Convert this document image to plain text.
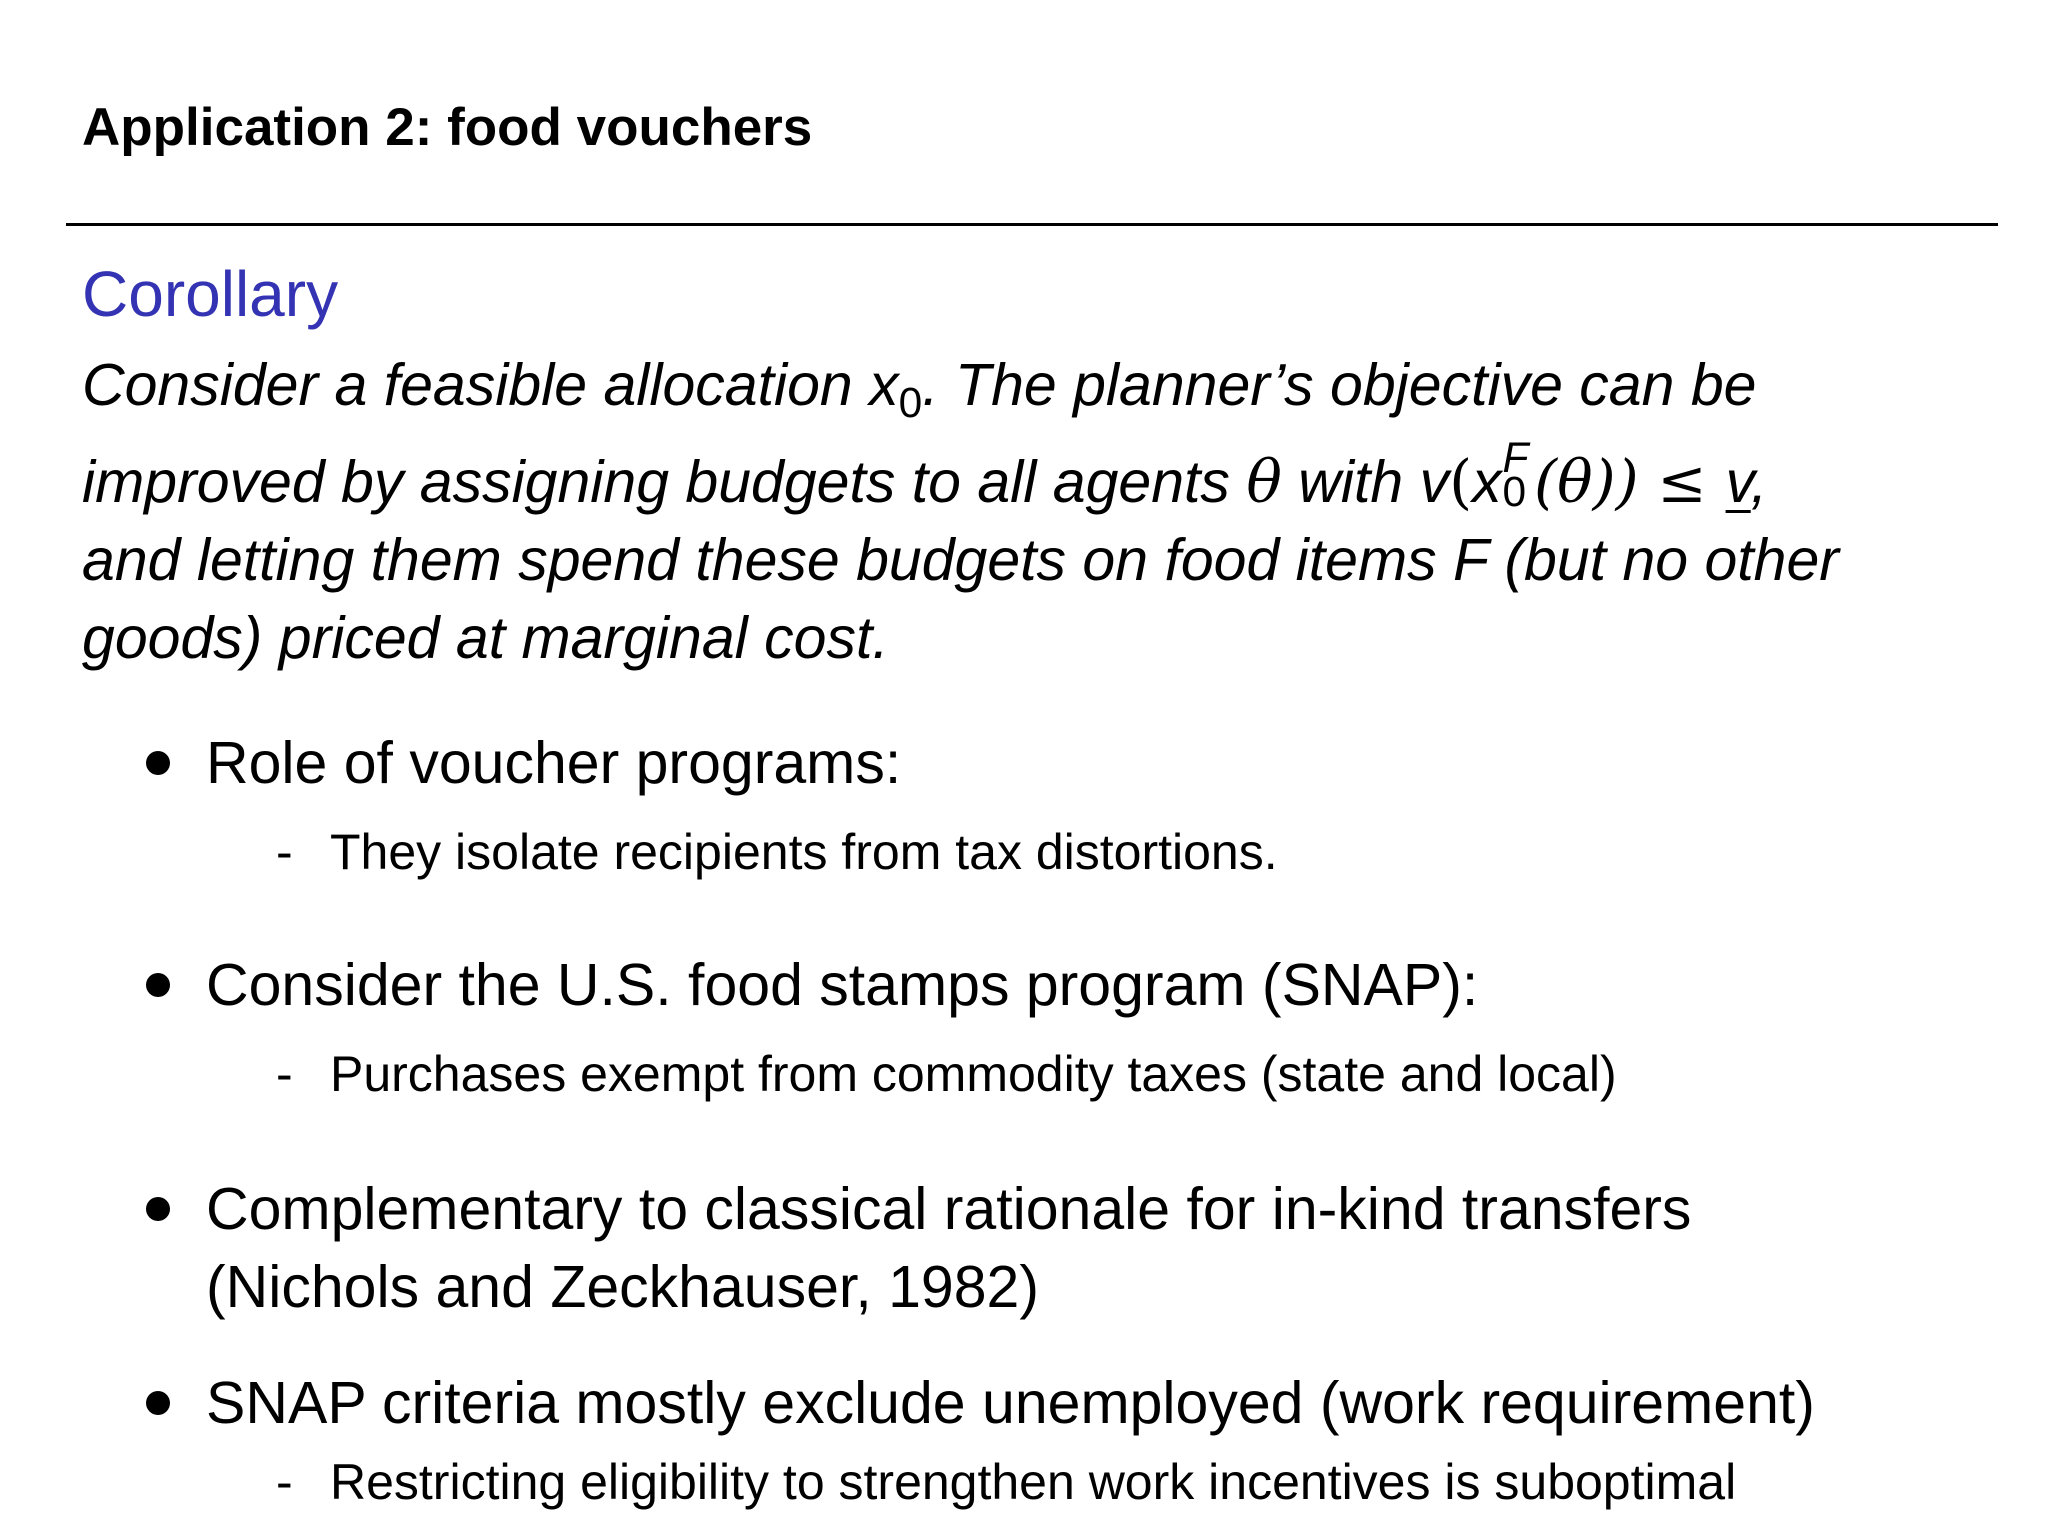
Application 2: food vouchers
Corollary

Consider a feasible allocation $x_0$. The planner’s objective can be
improved by assigning budgets to all agents θ with v(x F
0 (θ)) ≤ v,
and letting them spend these budgets on food items F (but no other
goods) priced at marginal cost.

Role of voucher programs:
- They isolate recipients from tax distortions.
Consider the U.S. food stamps program (SNAP):
- Purchases exempt from commodity taxes (state and local)
Complementary to classical rationale for in-kind transfers
(Nichols and Zeckhauser, 1982)
SNAP criteria mostly exclude unemployed (work requirement)
- Restricting eligibility to strengthen work incentives is suboptimal
